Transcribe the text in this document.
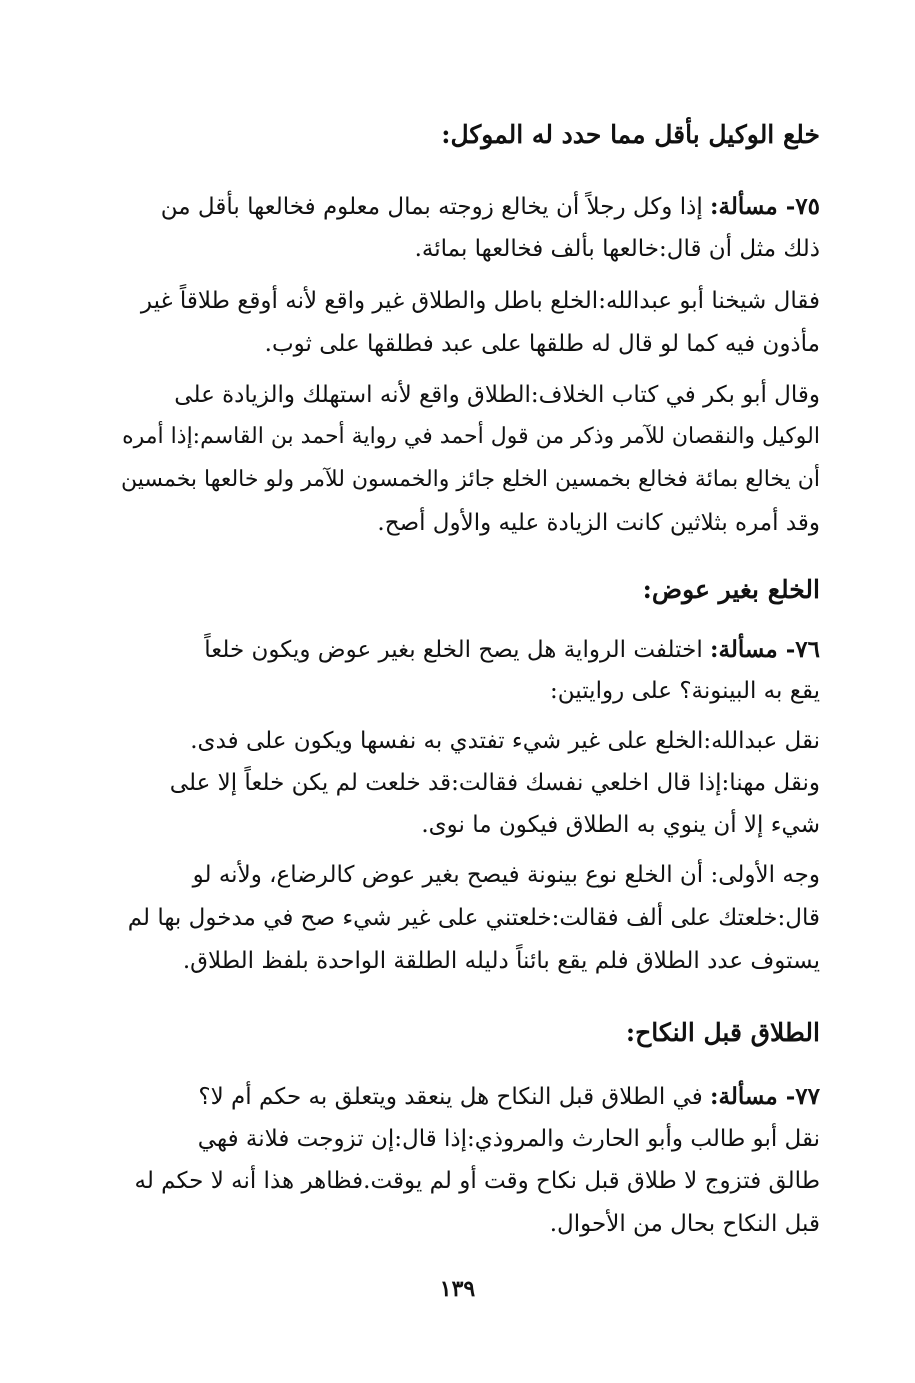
خلع الوكيل بأقل مما حدد له الموكل:
٧٥- مسألة: إذا وكل رجلاً أن يخالع زوجته بمال معلوم فخالعها بأقل من
ذلك مثل أن قال:خالعها بألف فخالعها بمائة.
فقال شيخنا أبو عبدالله:الخلع باطل والطلاق غير واقع لأنه أوقع طلاقاً غير
مأذون فيه كما لو قال له طلقها على عبد فطلقها على ثوب.
وقال أبو بكر في كتاب الخلاف:الطلاق واقع لأنه استهلك والزيادة على
الوكيل والنقصان للآمر وذكر من قول أحمد في رواية أحمد بن القاسم:إذا أمره
أن يخالع بمائة فخالع بخمسين الخلع جائز والخمسون للآمر ولو خالعها بخمسين
وقد أمره بثلاثين كانت الزيادة عليه والأول أصح.
الخلع بغير عوض:
٧٦- مسألة: اختلفت الرواية هل يصح الخلع بغير عوض ويكون خلعاً
يقع به البينونة؟ على روايتين:
نقل عبدالله:الخلع على غير شيء تفتدي به نفسها ويكون على فدى.
ونقل مهنا:إذا قال اخلعي نفسك فقالت:قد خلعت لم يكن خلعاً إلا على
شيء إلا أن ينوي به الطلاق فيكون ما نوى.
وجه الأولى: أن الخلع نوع بينونة فيصح بغير عوض كالرضاع، ولأنه لو
قال:خلعتك على ألف فقالت:خلعتني على غير شيء صح في مدخول بها لم
يستوف عدد الطلاق فلم يقع بائناً دليله الطلقة الواحدة بلفظ الطلاق.
الطلاق قبل النكاح:
٧٧- مسألة: في الطلاق قبل النكاح هل ينعقد ويتعلق به حكم أم لا؟
نقل أبو طالب وأبو الحارث والمروذي:إذا قال:إن تزوجت فلانة فهي
طالق فتزوج لا طلاق قبل نكاح وقت أو لم يوقت.فظاهر هذا أنه لا حكم له
قبل النكاح بحال من الأحوال.
١٣٩
